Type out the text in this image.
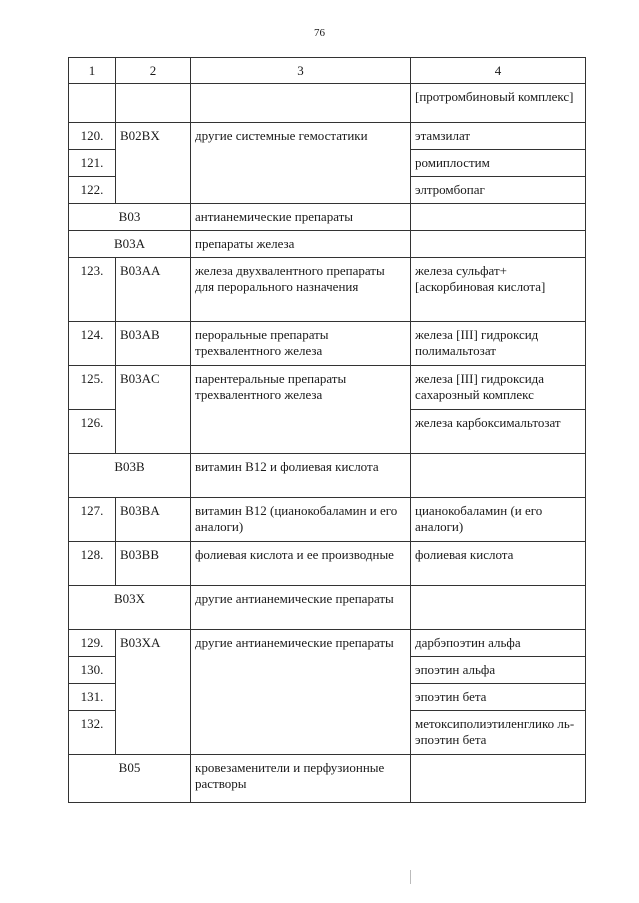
76
1	2	3	4
			[протромбиновый комплекс]
120.	B02BX	другие системные гемостатики	этамзилат
121.			ромиплостим
122.			элтромбопаг
B03		антианемические препараты	
B03A		препараты железа	
123.	B03AA	железа двухвалентного препараты для перорального назначения	железа сульфат+[аскорбиновая кислота]
124.	B03AB	пероральные препараты трехвалентного железа	железа [III] гидроксид полимальтозат
125.	B03AC	парентеральные препараты трехвалентного железа	железа [III] гидроксида сахарозный комплекс
126.			железа карбоксимальтозат
B03B		витамин B12 и фолиевая кислота	
127.	B03BA	витамин B12 (цианокобаламин и его аналоги)	цианокобаламин (и его аналоги)
128.	B03BB	фолиевая кислота и ее производные	фолиевая кислота
B03X		другие антианемические препараты	
129.	B03XA	другие антианемические препараты	дарбэпоэтин альфа
130.			эпоэтин альфа
131.			эпоэтин бета
132.			метоксиполиэтиленглико ль- эпоэтин бета
B05		кровезаменители и перфузионные растворы	
